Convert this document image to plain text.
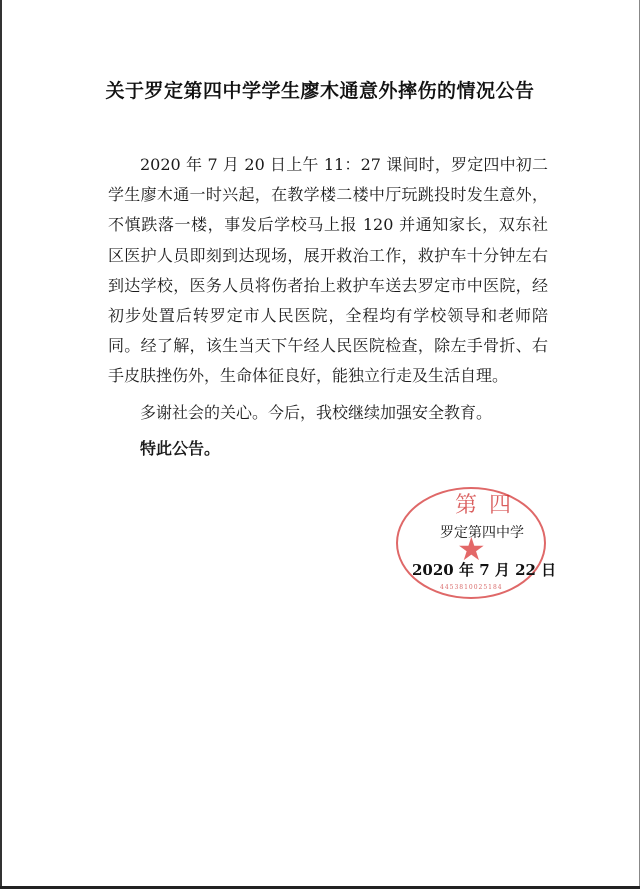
关于罗定第四中学学生廖木通意外摔伤的情况公告

2020 年 7 月 20 日上午 11：27 课间时，罗定四中初二学生廖木通一时兴起，在教学楼二楼中厅玩跳投时发生意外，不慎跌落一楼，事发后学校马上报 120 并通知家长，双东社区医护人员即刻到达现场，展开救治工作，救护车十分钟左右到达学校，医务人员将伤者抬上救护车送去罗定市中医院，经初步处置后转罗定市人民医院，全程均有学校领导和老师陪同。经了解，该生当天下午经人民医院检查，除左手骨折、右手皮肤挫伤外，生命体征良好，能独立行走及生活自理。

多谢社会的关心。今后，我校继续加强安全教育。

特此公告。

第四
★
4453810025184
罗定第四中学
2020 年 7 月 22 日
